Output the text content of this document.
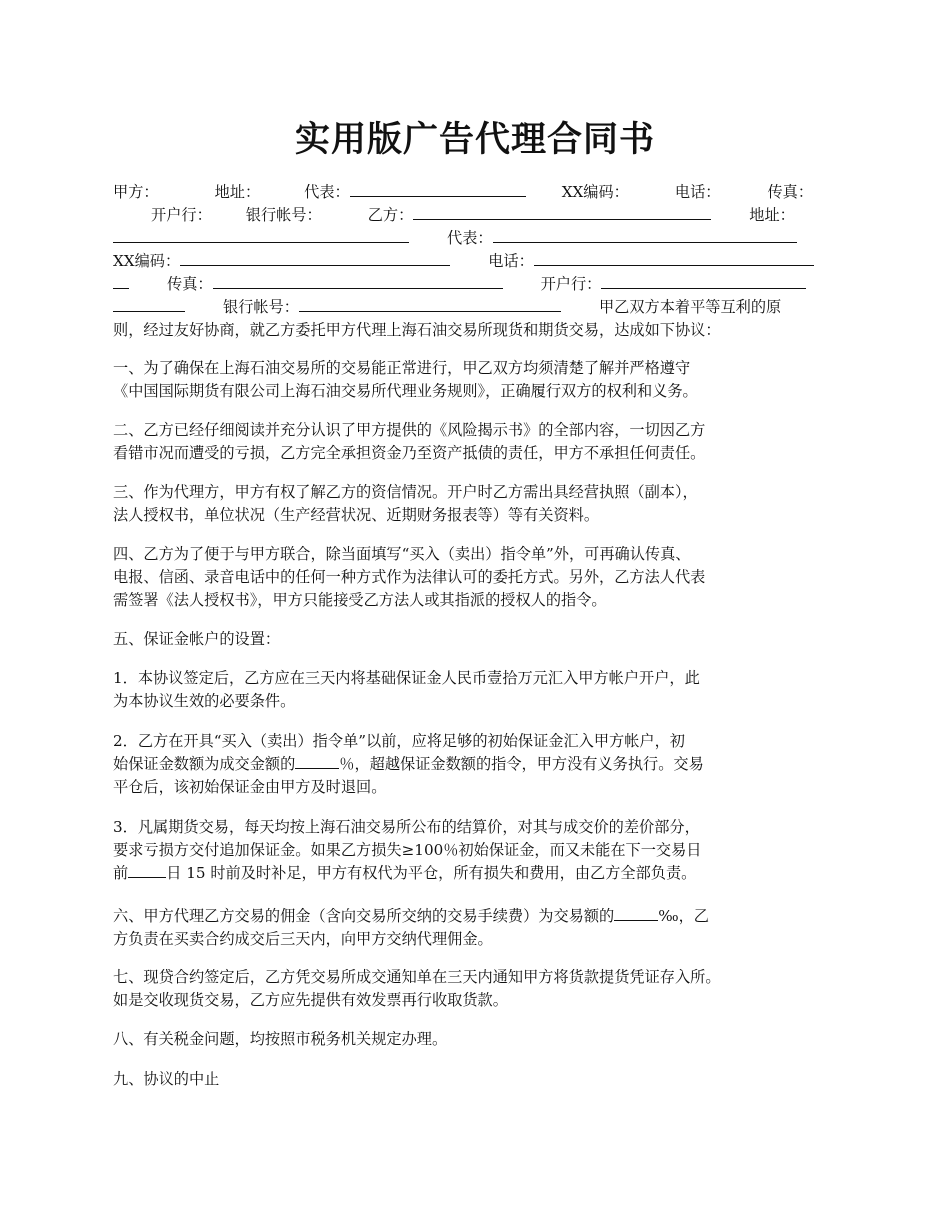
实用版广告代理合同书

甲方：	地址：	代表：	XX编码：	电话：	传真：

开户行： 银行帐号：	乙方：	地址：

代表：

XX编码：	电话：

传真：	开户行：

银行帐号：	甲乙双方本着平等互利的原

则，经过友好协商，就乙方委托甲方代理上海石油交易所现货和期货交易，达成如下协议：

一、为了确保在上海石油交易所的交易能正常进行，甲乙双方均须清楚了解并严格遵守

《中国国际期货有限公司上海石油交易所代理业务规则》，正确履行双方的权利和义务。

二、乙方已经仔细阅读并充分认识了甲方提供的《风险揭示书》的全部内容，一切因乙方

看错市况而遭受的亏损，乙方完全承担资金乃至资产抵债的责任，甲方不承担任何责任。

三、作为代理方，甲方有权了解乙方的资信情况。开户时乙方需出具经营执照（副本），

法人授权书，单位状况（生产经营状况、近期财务报表等）等有关资料。

四、乙方为了便于与甲方联合，除当面填写“买入（卖出）指令单”外，可再确认传真、

电报、信函、录音电话中的任何一种方式作为法律认可的委托方式。另外，乙方法人代表

需签署《法人授权书》，甲方只能接受乙方法人或其指派的授权人的指令。

五、保证金帐户的设置：

1．本协议签定后，乙方应在三天内将基础保证金人民币壹拾万元汇入甲方帐户开户，此

为本协议生效的必要条件。

2．乙方在开具“买入（卖出）指令单”以前，应将足够的初始保证金汇入甲方帐户，初

始保证金数额为成交金额的	％，超越保证金数额的指令，甲方没有义务执行。交易

平仓后，该初始保证金由甲方及时退回。

3．凡属期货交易，每天均按上海石油交易所公布的结算价，对其与成交价的差价部分，

要求亏损方交付追加保证金。如果乙方损失≥100％初始保证金，而又未能在下一交易日

前	日 15 时前及时补足，甲方有权代为平仓，所有损失和费用，由乙方全部负责。

六、甲方代理乙方交易的佣金（含向交易所交纳的交易手续费）为交易额的	‰，乙

方负责在买卖合约成交后三天内，向甲方交纳代理佣金。

七、现贷合约签定后，乙方凭交易所成交通知单在三天内通知甲方将货款提货凭证存入所。

如是交收现货交易，乙方应先提供有效发票再行收取货款。

八、有关税金问题，均按照市税务机关规定办理。

九、协议的中止
